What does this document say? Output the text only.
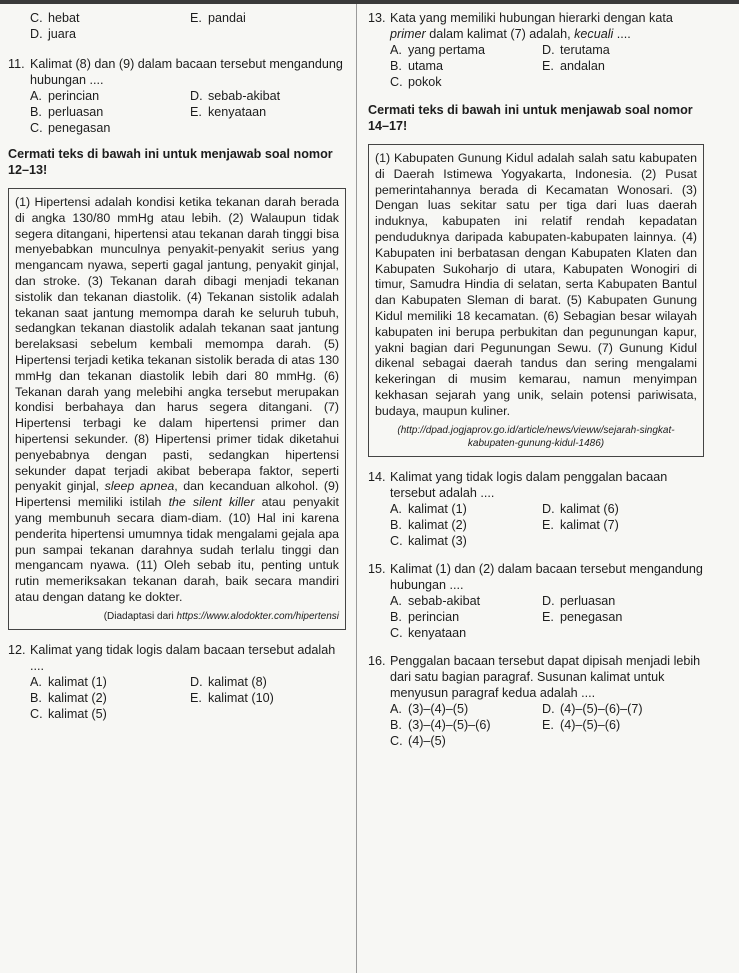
C. hebat	E. pandai
D. juara
11. Kalimat (8) dan (9) dalam bacaan tersebut mengandung hubungan ....
A. perincian	D. sebab-akibat
B. perluasan	E. kenyataan
C. penegasan

Cermati teks di bawah ini untuk menjawab soal nomor 12–13!

(1) Hipertensi adalah kondisi ketika tekanan darah berada di angka 130/80 mmHg atau lebih. (2) Walaupun tidak segera ditangani, hipertensi atau tekanan darah tinggi bisa menyebabkan munculnya penyakit-penyakit serius yang mengancam nyawa, seperti gagal jantung, penyakit ginjal, dan stroke. (3) Tekanan darah dibagi menjadi tekanan sistolik dan tekanan diastolik. (4) Tekanan sistolik adalah tekanan saat jantung memompa darah ke seluruh tubuh, sedangkan tekanan diastolik adalah tekanan saat jantung berelaksasi sebelum kembali memompa darah. (5) Hipertensi terjadi ketika tekanan sistolik berada di atas 130 mmHg dan tekanan diastolik lebih dari 80 mmHg. (6) Tekanan darah yang melebihi angka tersebut merupakan kondisi berbahaya dan harus segera ditangani. (7) Hipertensi terbagi ke dalam hipertensi primer dan hipertensi sekunder. (8) Hipertensi primer tidak diketahui penyebabnya dengan pasti, sedangkan hipertensi sekunder dapat terjadi akibat beberapa faktor, seperti penyakit ginjal, sleep apnea, dan kecanduan alkohol. (9) Hipertensi memiliki istilah the silent killer atau penyakit yang membunuh secara diam-diam. (10) Hal ini karena penderita hipertensi umumnya tidak mengalami gejala apa pun sampai tekanan darahnya sudah terlalu tinggi dan mengancam nyawa. (11) Oleh sebab itu, penting untuk rutin memeriksakan tekanan darah, baik secara mandiri atau dengan datang ke dokter.
(Diadaptasi dari https://www.alodokter.com/hipertensi
12. Kalimat yang tidak logis dalam bacaan tersebut adalah ....
A. kalimat (1)	D. kalimat (8)
B. kalimat (2)	E. kalimat (10)
C. kalimat (5)
13. Kata yang memiliki hubungan hierarki dengan kata primer dalam kalimat (7) adalah, kecuali ....
A. yang pertama	D. terutama
B. utama	E. andalan
C. pokok

Cermati teks di bawah ini untuk menjawab soal nomor 14–17!

(1) Kabupaten Gunung Kidul adalah salah satu kabupaten di Daerah Istimewa Yogyakarta, Indonesia. (2) Pusat pemerintahannya berada di Kecamatan Wonosari. (3) Dengan luas sekitar satu per tiga dari luas daerah induknya, kabupaten ini relatif rendah kepadatan penduduknya daripada kabupaten-kabupaten lainnya. (4) Kabupaten ini berbatasan dengan Kabupaten Klaten dan Kabupaten Sukoharjo di utara, Kabupaten Wonogiri di timur, Samudra Hindia di selatan, serta Kabupaten Bantul dan Kabupaten Sleman di barat. (5) Kabupaten Gunung Kidul memiliki 18 kecamatan. (6) Sebagian besar wilayah kabupaten ini berupa perbukitan dan pegunungan kapur, yakni bagian dari Pegunungan Sewu. (7) Gunung Kidul dikenal sebagai daerah tandus dan sering mengalami kekeringan di musim kemarau, namun menyimpan kekhasan sejarah yang unik, selain potensi pariwisata, budaya, maupun kuliner.
(http://dpad.jogjaprov.go.id/article/news/vieww/sejarah-singkat-kabupaten-gunung-kidul-1486)
14. Kalimat yang tidak logis dalam penggalan bacaan tersebut adalah ....
A. kalimat (1)	D. kalimat (6)
B. kalimat (2)	E. kalimat (7)
C. kalimat (3)
15. Kalimat (1) dan (2) dalam bacaan tersebut mengandung hubungan ....
A. sebab-akibat	D. perluasan
B. perincian	E. penegasan
C. kenyataan
16. Penggalan bacaan tersebut dapat dipisah menjadi lebih dari satu bagian paragraf. Susunan kalimat untuk menyusun paragraf kedua adalah ....
A. (3)–(4)–(5)	D. (4)–(5)–(6)–(7)
B. (3)–(4)–(5)–(6)	E. (4)–(5)–(6)
C. (4)–(5)
